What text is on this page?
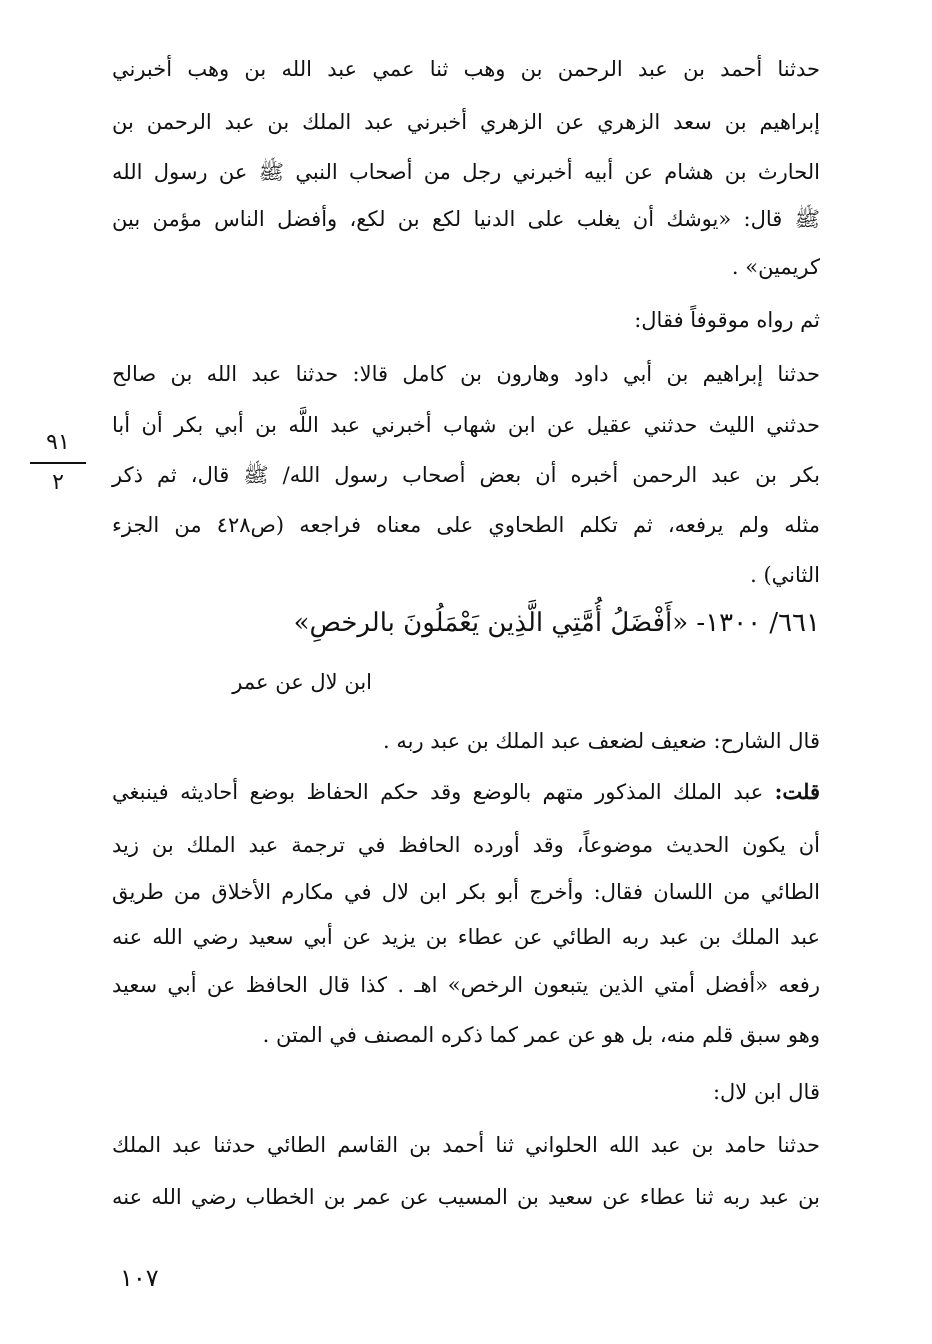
حدثنا أحمد بن عبد الرحمن بن وهب ثنا عمي عبد الله بن وهب أخبرني
إبراهيم بن سعد الزهري عن الزهري أخبرني عبد الملك بن عبد الرحمن بن
الحارث بن هشام عن أبيه أخبرني رجل من أصحاب النبي ﷺ عن رسول الله
ﷺ قال: «يوشك أن يغلب على الدنيا لكع بن لكع، وأفضل الناس مؤمن بين
كريمين» .
ثم رواه موقوفاً فقال:
حدثنا إبراهيم بن أبي داود وهارون بن كامل قالا: حدثنا عبد الله بن صالح
حدثني الليث حدثني عقيل عن ابن شهاب أخبرني عبد اللَّه بن أبي بكر أن أبا
بكر بن عبد الرحمن أخبره أن بعض أصحاب رسول الله/ ﷺ قال، ثم ذكر
مثله ولم يرفعه، ثم تكلم الطحاوي على معناه فراجعه (ص٤٢٨ من الجزء
الثاني) .
٦٦١/ ١٣٠٠- «أَفْضَلُ أُمَّتِي الَّذِين يَعْمَلُونَ بالرخصِ»
ابن لال عن عمر
قال الشارح: ضعيف لضعف عبد الملك بن عبد ربه .
قلت: عبد الملك المذكور متهم بالوضع وقد حكم الحفاظ بوضع أحاديثه فينبغي
أن يكون الحديث موضوعاً، وقد أورده الحافظ في ترجمة عبد الملك بن زيد
الطائي من اللسان فقال: وأخرج أبو بكر ابن لال في مكارم الأخلاق من طريق
عبد الملك بن عبد ربه الطائي عن عطاء بن يزيد عن أبي سعيد رضي الله عنه
رفعه «أفضل أمتي الذين يتبعون الرخص» اهـ . كذا قال الحافظ عن أبي سعيد
وهو سبق قلم منه، بل هو عن عمر كما ذكره المصنف في المتن .
قال ابن لال:
حدثنا حامد بن عبد الله الحلواني ثنا أحمد بن القاسم الطائي حدثنا عبد الملك
بن عبد ربه ثنا عطاء عن سعيد بن المسيب عن عمر بن الخطاب رضي الله عنه
٩١
٢
١٠٧
